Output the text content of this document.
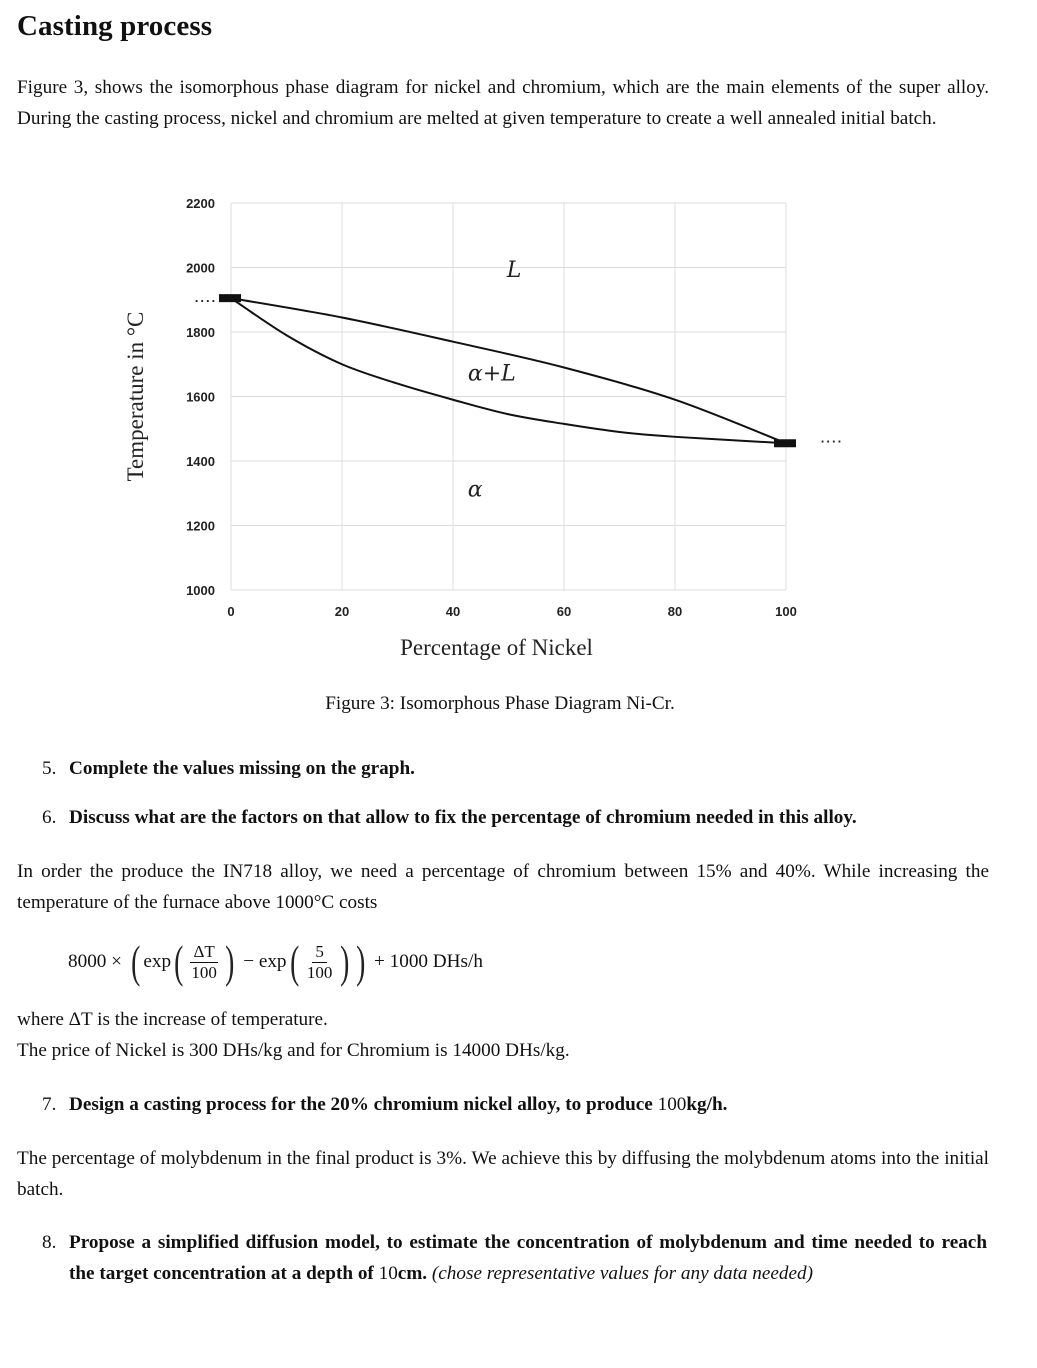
Casting process

Figure 3, shows the isomorphous phase diagram for nickel and chromium, which are the main elements of the super alloy. During the casting process, nickel and chromium are melted at given temperature to create a well annealed initial batch.

0	20	40	60	80	100
1000
1200
1400
1600
1800
2000
2200
Percentage of Nickel
Temperature in °C
....
....
L
α+L
α
Figure 3: Isomorphous Phase Diagram Ni-Cr.
5. Complete the values missing on the graph.
6. Discuss what are the factors on that allow to fix the percentage of chromium needed in this alloy.

In order the produce the IN718 alloy, we need a percentage of chromium between 15% and 40%. While increasing the temperature of the furnace above 1000°C costs

8000 × ( exp ( $\frac{\Delta T}{100}$ ) − exp ( $\frac{5}{100}$ ) ) + 1000 DHs/h

where ΔT is the increase of temperature.

The price of Nickel is 300 DHs/kg and for Chromium is 14000 DHs/kg.

7. Design a casting process for the 20% chromium nickel alloy, to produce 100kg/h.

The percentage of molybdenum in the final product is 3%. We achieve this by diffusing the molybdenum atoms into the initial batch.

8. Propose a simplified diffusion model, to estimate the concentration of molybdenum and time needed to reach the target concentration at a depth of 10cm. (chose representative values for any data needed)
